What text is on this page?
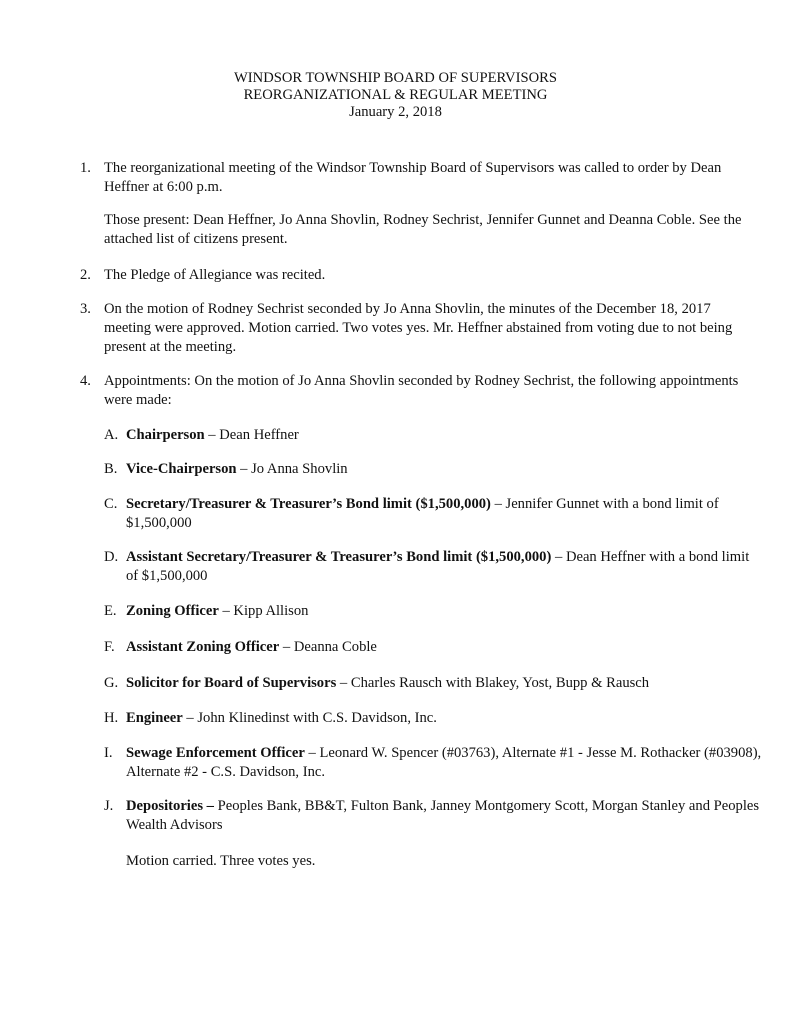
WINDSOR TOWNSHIP BOARD OF SUPERVISORS
REORGANIZATIONAL & REGULAR MEETING
January 2, 2018
1. The reorganizational meeting of the Windsor Township Board of Supervisors was called to order by Dean Heffner at 6:00 p.m.
Those present: Dean Heffner, Jo Anna Shovlin, Rodney Sechrist, Jennifer Gunnet and Deanna Coble. See the attached list of citizens present.
2. The Pledge of Allegiance was recited.
3. On the motion of Rodney Sechrist seconded by Jo Anna Shovlin, the minutes of the December 18, 2017 meeting were approved. Motion carried. Two votes yes. Mr. Heffner abstained from voting due to not being present at the meeting.
4. Appointments: On the motion of Jo Anna Shovlin seconded by Rodney Sechrist, the following appointments were made:
A. Chairperson – Dean Heffner
B. Vice-Chairperson – Jo Anna Shovlin
C. Secretary/Treasurer & Treasurer’s Bond limit ($1,500,000) – Jennifer Gunnet with a bond limit of $1,500,000
D. Assistant Secretary/Treasurer & Treasurer’s Bond limit ($1,500,000) – Dean Heffner with a bond limit of $1,500,000
E. Zoning Officer – Kipp Allison
F. Assistant Zoning Officer – Deanna Coble
G. Solicitor for Board of Supervisors – Charles Rausch with Blakey, Yost, Bupp & Rausch
H. Engineer – John Klinedinst with C.S. Davidson, Inc.
I. Sewage Enforcement Officer – Leonard W. Spencer (#03763), Alternate #1 - Jesse M. Rothacker (#03908), Alternate #2 - C.S. Davidson, Inc.
J. Depositories – Peoples Bank, BB&T, Fulton Bank, Janney Montgomery Scott, Morgan Stanley and Peoples Wealth Advisors
Motion carried. Three votes yes.
